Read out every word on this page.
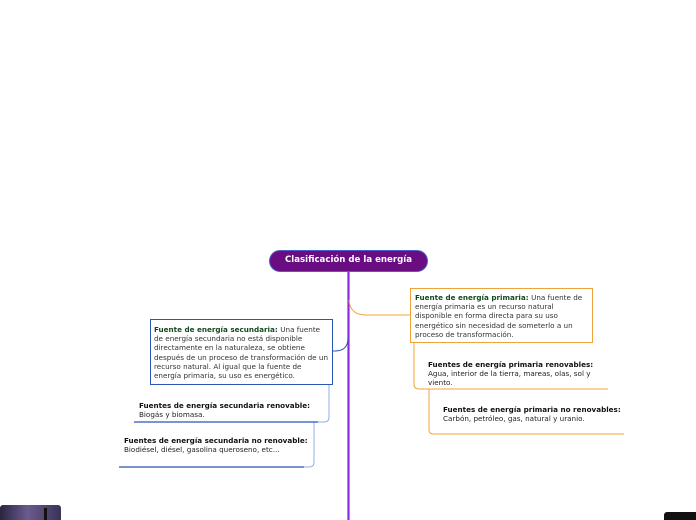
Clasificación de la energía
Fuente de energía primaria: Una fuente de energía primaria es un recurso natural disponible en forma directa para su uso energético sin necesidad de someterlo a un proceso de transformación.
Fuentes de energía primaria renovables: Agua, interior de la tierra, mareas, olas, sol y viento.
Fuentes de energía primaria no renovables: Carbón, petróleo, gas, natural y uranio.
Fuente de energía secundaria: Una fuente de energía secundaria no está disponible directamente en la naturaleza, se obtiene después de un proceso de transformación de un recurso natural. Al igual que la fuente de energía primaria, su uso es energético.
Fuentes de energía secundaria renovable: Biogás y biomasa.
Fuentes de energía secundaria no renovable: Biodiésel, diésel, gasolina queroseno, etc...
